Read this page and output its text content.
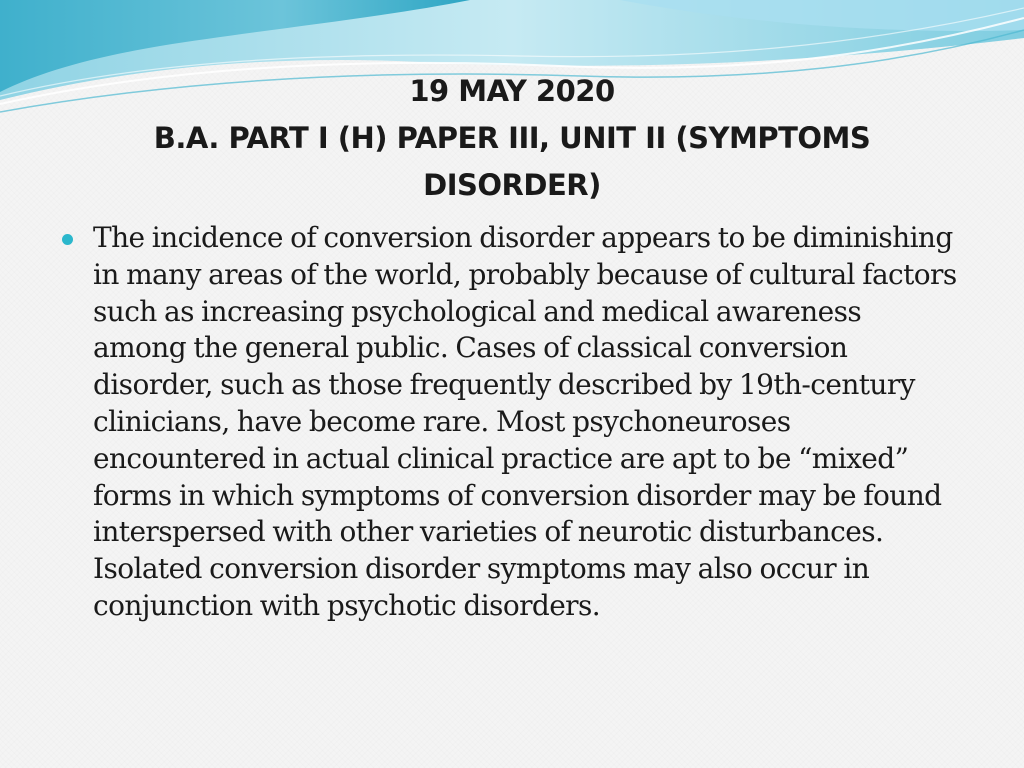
19 MAY 2020
B.A. PART I (H) PAPER III, UNIT II (SYMPTOMS
DISORDER)

The incidence of conversion disorder appears to be diminishing in many areas of the world, probably because of cultural factors such as increasing psychological and medical awareness among the general public. Cases of classical conversion disorder, such as those frequently described by 19th-century clinicians, have become rare. Most psychoneuroses encountered in actual clinical practice are apt to be “mixed” forms in which symptoms of conversion disorder may be found interspersed with other varieties of neurotic disturbances. Isolated conversion disorder symptoms may also occur in conjunction with psychotic disorders.
